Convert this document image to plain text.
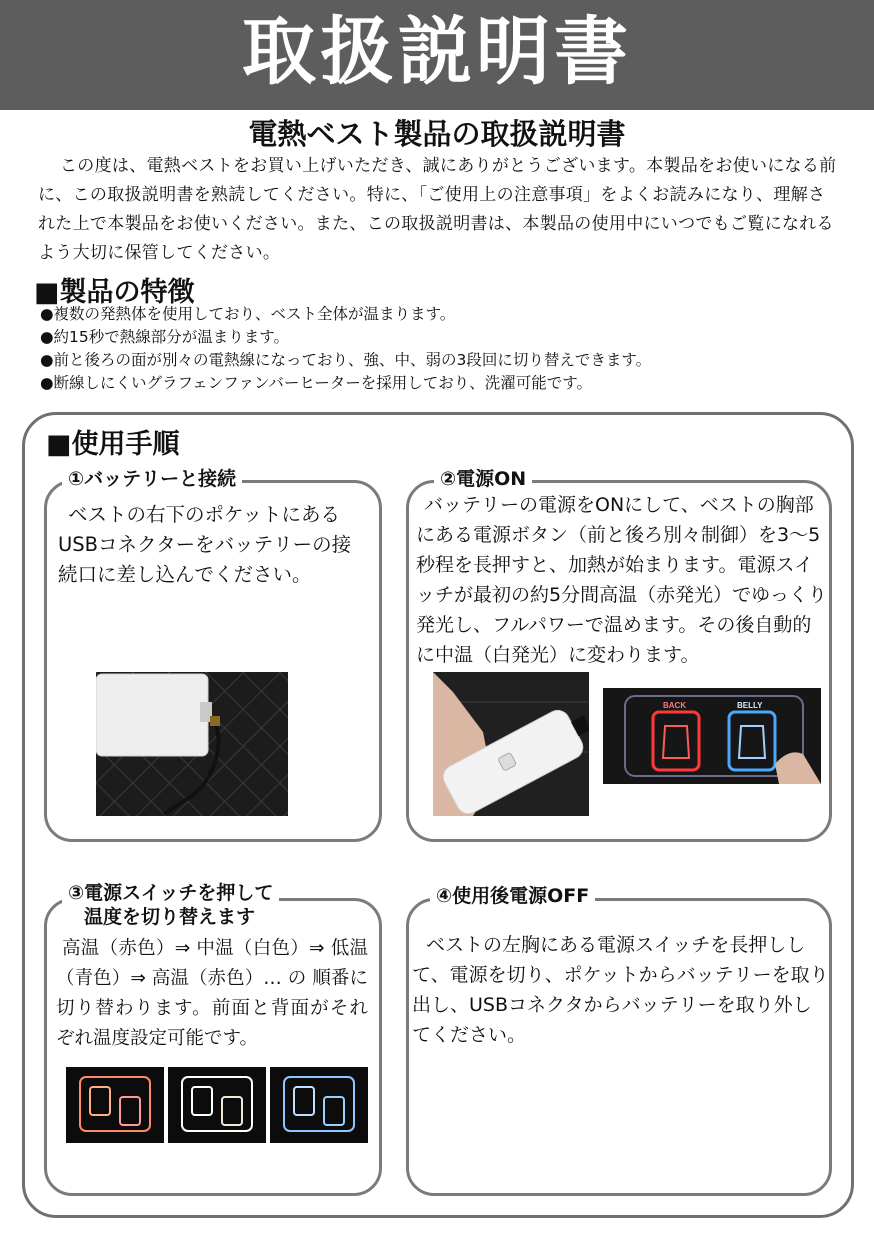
取扱説明書
電熱ベスト製品の取扱説明書
この度は、電熱ベストをお買い上げいただき、誠にありがとうございます。本製品をお使いになる前に、この取扱説明書を熟読してください。特に、「ご使用上の注意事項」をよくお読みになり、理解された上で本製品をお使いください。また、この取扱説明書は、本製品の使用中にいつでもご覧になれるよう大切に保管してください。
■製品の特徴
●複数の発熱体を使用しており、ベスト全体が温まります。
●約15秒で熱線部分が温まります。
●前と後ろの面が別々の電熱線になっており、強、中、弱の3段回に切り替えできます。
●断線しにくいグラフェンファンバーヒーターを採用しており、洗濯可能です。
■使用手順
①バッテリーと接続
ベストの右下のポケットにあるUSBコネクターをバッテリーの接続口に差し込んでください。
②電源ON
バッテリーの電源をONにして、ベストの胸部にある電源ボタン（前と後ろ別々制御）を3～5秒程を長押すと、加熱が始まります。電源スイッチが最初の約5分間高温（赤発光）でゆっくり発光し、フルパワーで温めます。その後自動的に中温（白発光）に変わります。
BACK	BELLY
③電源スイッチを押して
温度を切り替えます
高温（赤色）⇒ 中温（白色）⇒ 低温（青色）⇒ 高温（赤色）… の 順番に切り替わります。前面と背面がそれぞれ温度設定可能です。
④使用後電源OFF
ベストの左胸にある電源スイッチを長押しして、電源を切り、ポケットからバッテリーを取り出し、USBコネクタからバッテリーを取り外してください。
